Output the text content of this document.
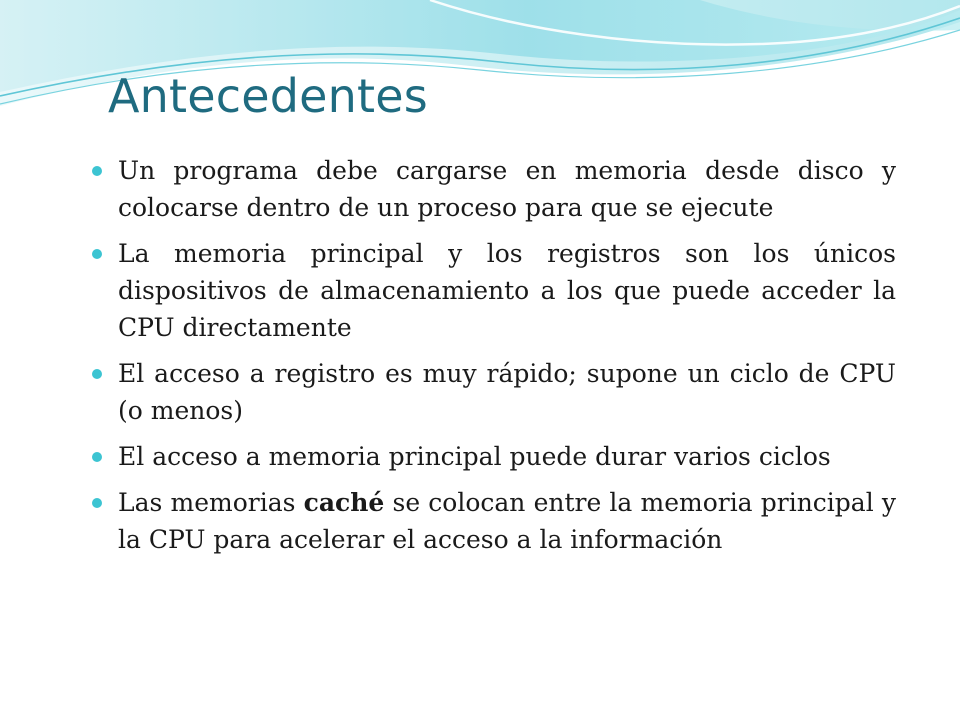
Antecedentes
Un programa debe cargarse en memoria desde disco y colocarse dentro de un proceso para que se ejecute
La memoria principal y los registros son los únicos dispositivos de almacenamiento a los que puede acceder la CPU directamente
El acceso a registro es muy rápido; supone un ciclo de CPU (o menos)
El acceso a memoria principal puede durar varios ciclos
Las memorias caché se colocan entre la memoria principal y la CPU para acelerar el acceso a la información
